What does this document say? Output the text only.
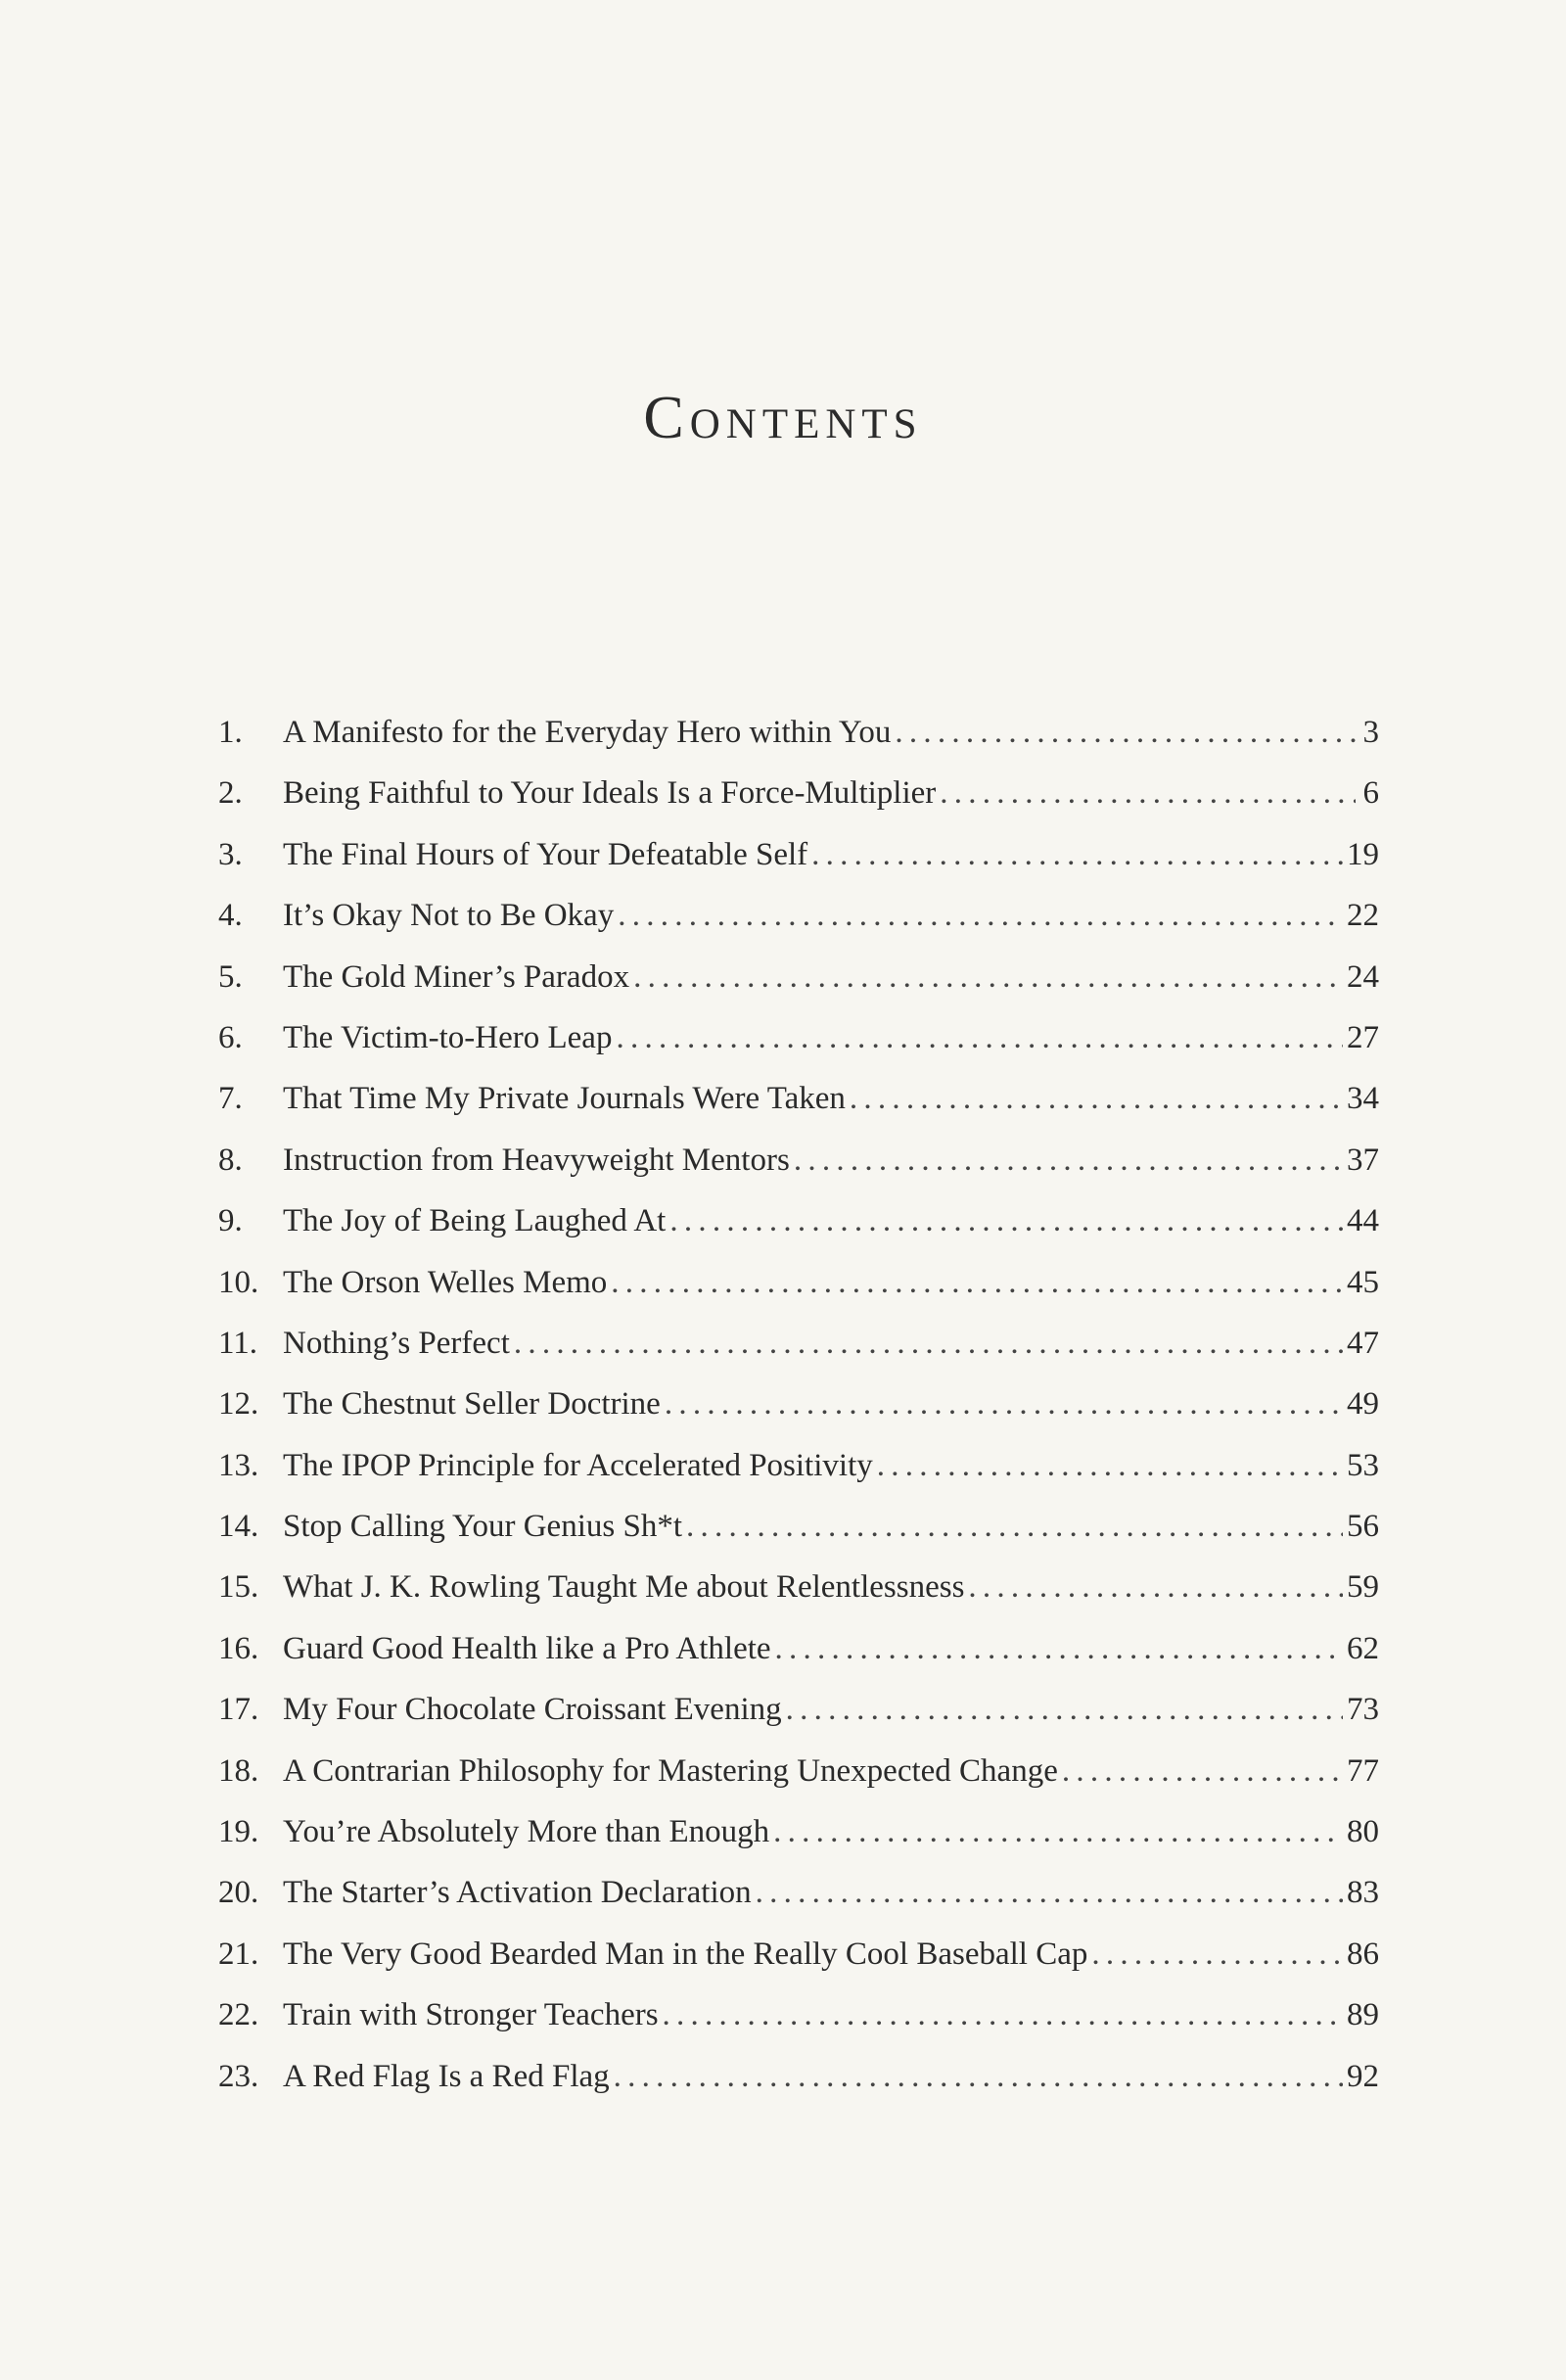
Contents
1.	A Manifesto for the Everyday Hero within You . . .	3
2.	Being Faithful to Your Ideals Is a Force-Multiplier . . .	6
3.	The Final Hours of Your Defeatable Self . . .	19
4.	It’s Okay Not to Be Okay . . .	22
5.	The Gold Miner’s Paradox . . .	24
6.	The Victim-to-Hero Leap . . .	27
7.	That Time My Private Journals Were Taken . . .	34
8.	Instruction from Heavyweight Mentors . . .	37
9.	The Joy of Being Laughed At . . .	44
10. The Orson Welles Memo . . .	45
11. Nothing’s Perfect . . .	47
12. The Chestnut Seller Doctrine . . .	49
13. The IPOP Principle for Accelerated Positivity . . .	53
14. Stop Calling Your Genius Sh*t . . .	56
15. What J. K. Rowling Taught Me about Relentlessness . . .	59
16. Guard Good Health like a Pro Athlete . . .	62
17. My Four Chocolate Croissant Evening . . .	73
18. A Contrarian Philosophy for Mastering Unexpected Change . . .	77
19. You’re Absolutely More than Enough . . .	80
20. The Starter’s Activation Declaration . . .	83
21. The Very Good Bearded Man in the Really Cool Baseball Cap . . .	86
22. Train with Stronger Teachers . . .	89
23. A Red Flag Is a Red Flag . . .	92
